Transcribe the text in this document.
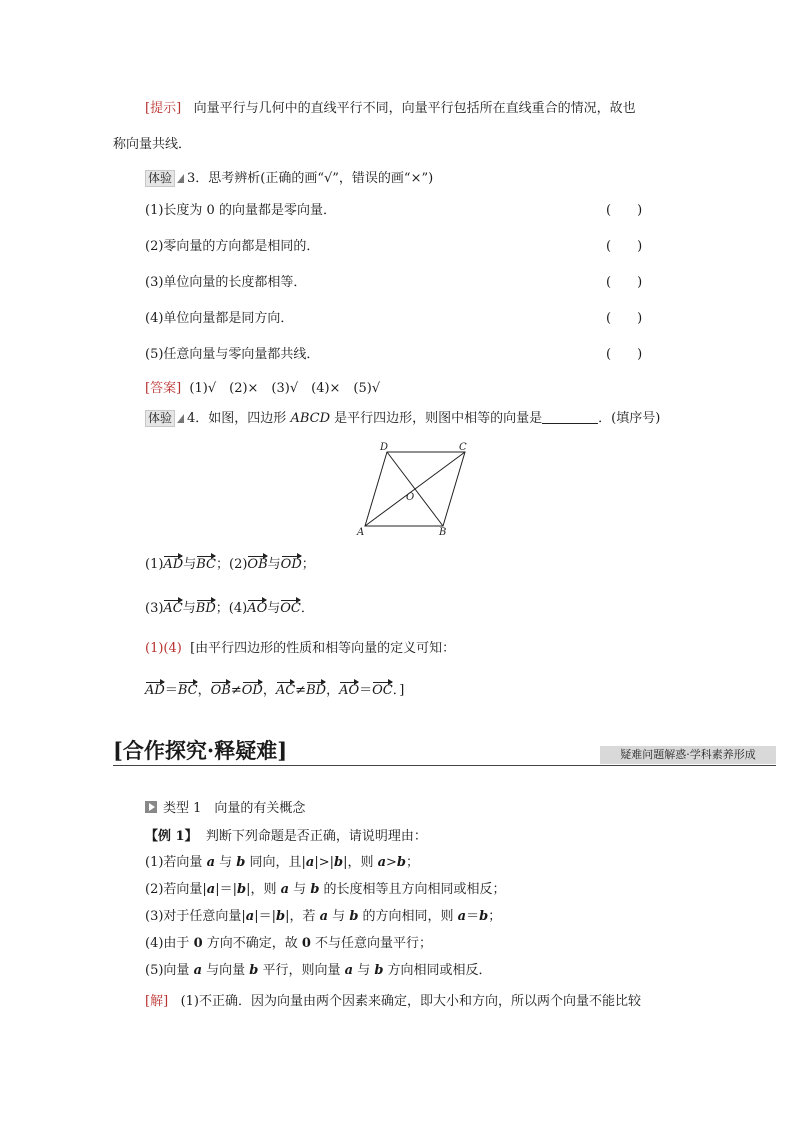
[提示] 向量平行与几何中的直线平行不同，向量平行包括所在直线重合的情况，故也
称向量共线．
体验 3．思考辨析(正确的画“√”，错误的画“×”)
(1)长度为 0 的向量都是零向量．	(　　)
(2)零向量的方向都是相同的．	(　　)
(3)单位向量的长度都相等．	(　　)
(4)单位向量都是同方向．	(　　)
(5)任意向量与零向量都共线．	(　　)
[答案] (1)√　(2)×　(3)√　(4)×　(5)√
体验 4．如图，四边形 ABCD 是平行四边形，则图中相等的向量是	．(填序号)
D	C
O
A	B
(1)AD与BC；(2)OB与OD；
(3)AC与BD；(4)AO与OC．
(1)(4) [由平行四边形的性质和相等向量的定义可知：
AD＝BC，OB≠OD，AC≠BD，AO＝OC．]
[合作探究·释疑难]	疑难问题解惑·学科素养形成
类型 1　向量的有关概念
【例 1】 判断下列命题是否正确，请说明理由：
(1)若向量 a 与 b 同向，且|a|>|b|，则 a>b；
(2)若向量|a|＝|b|，则 a 与 b 的长度相等且方向相同或相反；
(3)对于任意向量|a|＝|b|，若 a 与 b 的方向相同，则 a＝b；
(4)由于 0 方向不确定，故 0 不与任意向量平行；
(5)向量 a 与向量 b 平行，则向量 a 与 b 方向相同或相反．
[解] (1)不正确．因为向量由两个因素来确定，即大小和方向，所以两个向量不能比较
